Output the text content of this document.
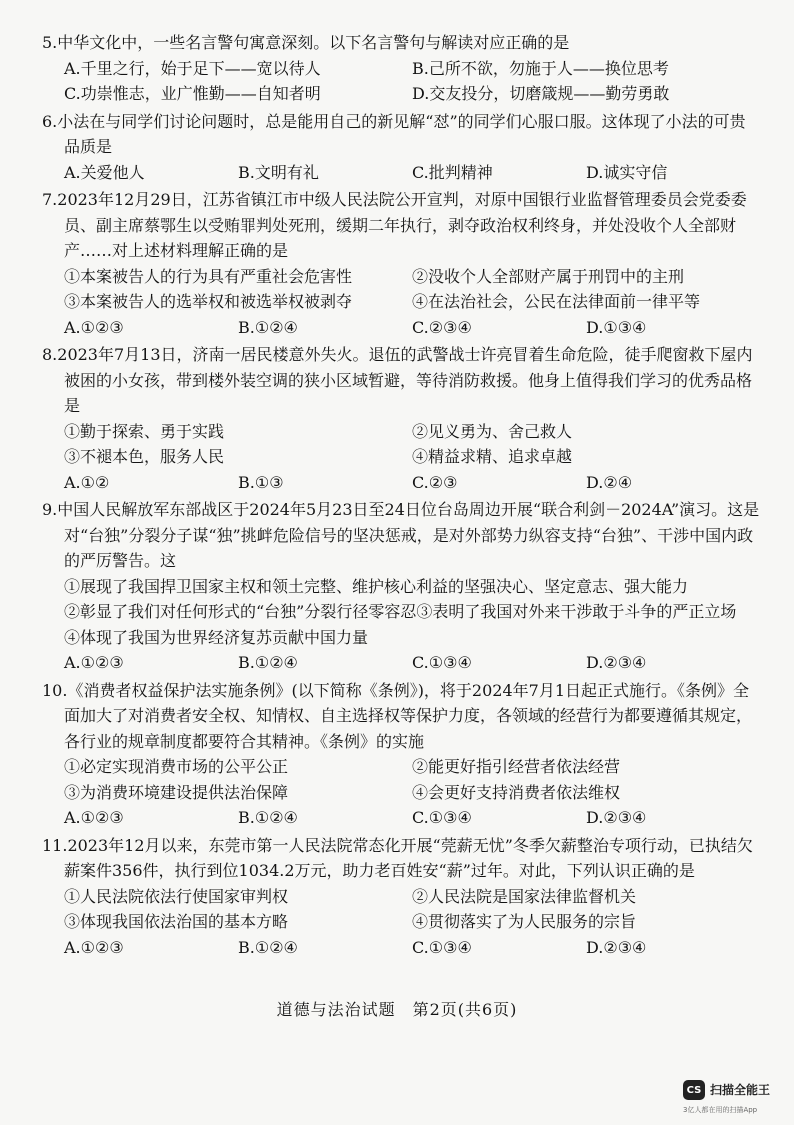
5.中华文化中，一些名言警句寓意深刻。以下名言警句与解读对应正确的是
A.千里之行，始于足下——宽以待人	B.己所不欲，勿施于人——换位思考
C.功崇惟志，业广惟勤——自知者明	D.交友投分，切磨箴规——勤劳勇敢
6.小法在与同学们讨论问题时，总是能用自己的新见解“怼”的同学们心服口服。这体现了小法的可贵品质是
A.关爱他人	B.文明有礼	C.批判精神	D.诚实守信
7.2023年12月29日，江苏省镇江市中级人民法院公开宣判，对原中国银行业监督管理委员会党委委员、副主席蔡鄂生以受贿罪判处死刑，缓期二年执行，剥夺政治权利终身，并处没收个人全部财产……对上述材料理解正确的是
①本案被告人的行为具有严重社会危害性	②没收个人全部财产属于刑罚中的主刑
③本案被告人的选举权和被选举权被剥夺	④在法治社会，公民在法律面前一律平等
A.①②③	B.①②④	C.②③④	D.①③④
8.2023年7月13日，济南一居民楼意外失火。退伍的武警战士许亮冒着生命危险，徒手爬窗救下屋内被困的小女孩，带到楼外装空调的狭小区域暂避，等待消防救援。他身上值得我们学习的优秀品格是
①勤于探索、勇于实践	②见义勇为、舍己救人
③不褪本色，服务人民	④精益求精、追求卓越
A.①②	B.①③	C.②③	D.②④
9.中国人民解放军东部战区于2024年5月23日至24日位台岛周边开展“联合利剑－2024A”演习。这是对“台独”分裂分子谋“独”挑衅危险信号的坚决惩戒，是对外部势力纵容支持“台独”、干涉中国内政的严厉警告。这
①展现了我国捍卫国家主权和领土完整、维护核心利益的坚强决心、坚定意志、强大能力
②彰显了我们对任何形式的“台独”分裂行径零容忍③表明了我国对外来干涉敢于斗争的严正立场
④体现了我国为世界经济复苏贡献中国力量
A.①②③	B.①②④	C.①③④	D.②③④
10.《消费者权益保护法实施条例》(以下简称《条例》)，将于2024年7月1日起正式施行。《条例》全面加大了对消费者安全权、知情权、自主选择权等保护力度，各领域的经营行为都要遵循其规定，各行业的规章制度都要符合其精神。《条例》的实施
①必定实现消费市场的公平公正	②能更好指引经营者依法经营
③为消费环境建设提供法治保障	④会更好支持消费者依法维权
A.①②③	B.①②④	C.①③④	D.②③④
11.2023年12月以来，东莞市第一人民法院常态化开展“莞薪无忧”冬季欠薪整治专项行动，已执结欠薪案件356件，执行到位1034.2万元，助力老百姓安“薪”过年。对此，下列认识正确的是
①人民法院依法行使国家审判权	②人民法院是国家法律监督机关
③体现我国依法治国的基本方略	④贯彻落实了为人民服务的宗旨
A.①②③	B.①②④	C.①③④	D.②③④
道德与法治试题　第2页(共6页)
CS 扫描全能王
3亿人都在用的扫描App
